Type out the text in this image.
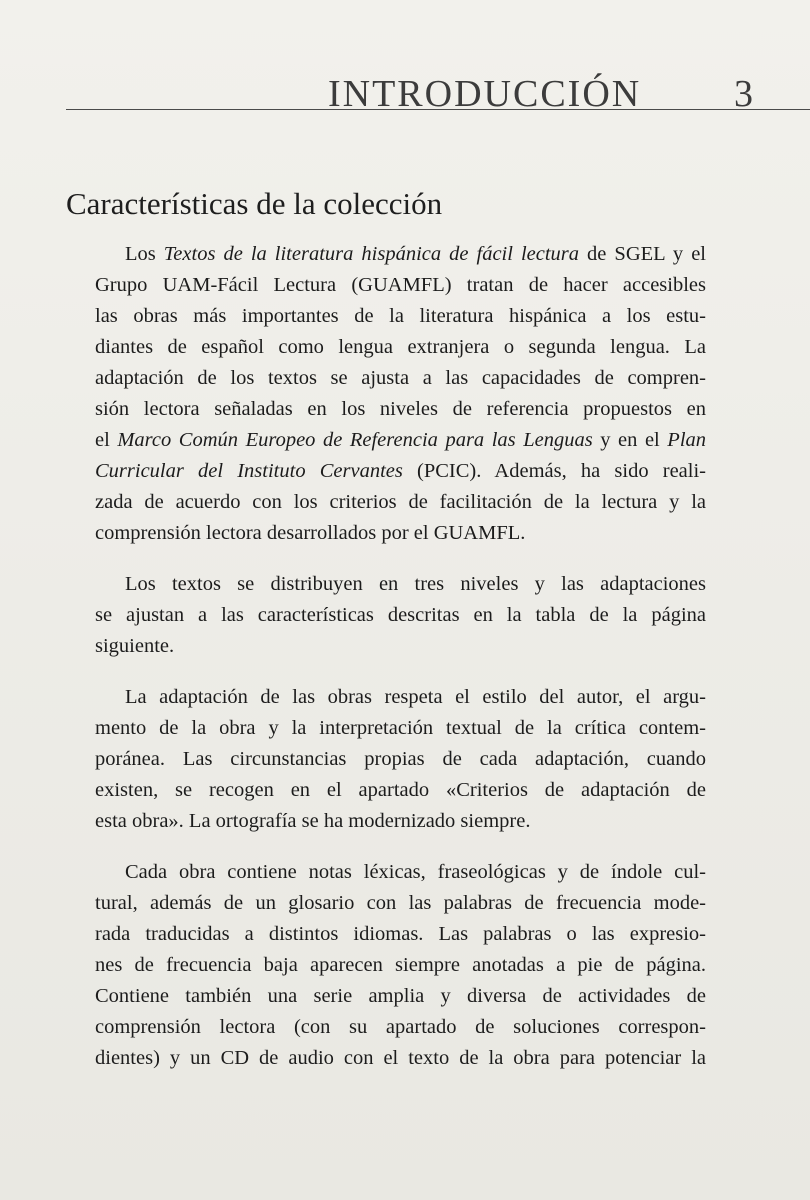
INTRODUCCIÓN 3
Características de la colección
Los Textos de la literatura hispánica de fácil lectura de SGEL y el
Grupo UAM-Fácil Lectura (GUAMFL) tratan de hacer accesibles
las obras más importantes de la literatura hispánica a los estu-
diantes de español como lengua extranjera o segunda lengua. La
adaptación de los textos se ajusta a las capacidades de compren-
sión lectora señaladas en los niveles de referencia propuestos en
el Marco Común Europeo de Referencia para las Lenguas y en el Plan
Curricular del Instituto Cervantes (PCIC). Además, ha sido reali-
zada de acuerdo con los criterios de facilitación de la lectura y la
comprensión lectora desarrollados por el GUAMFL.
Los textos se distribuyen en tres niveles y las adaptaciones
se ajustan a las características descritas en la tabla de la página
siguiente.
La adaptación de las obras respeta el estilo del autor, el argu-
mento de la obra y la interpretación textual de la crítica contem-
poránea. Las circunstancias propias de cada adaptación, cuando
existen, se recogen en el apartado «Criterios de adaptación de
esta obra». La ortografía se ha modernizado siempre.
Cada obra contiene notas léxicas, fraseológicas y de índole cul-
tural, además de un glosario con las palabras de frecuencia mode-
rada traducidas a distintos idiomas. Las palabras o las expresio-
nes de frecuencia baja aparecen siempre anotadas a pie de página.
Contiene también una serie amplia y diversa de actividades de
comprensión lectora (con su apartado de soluciones correspon-
dientes) y un CD de audio con el texto de la obra para potenciar la
